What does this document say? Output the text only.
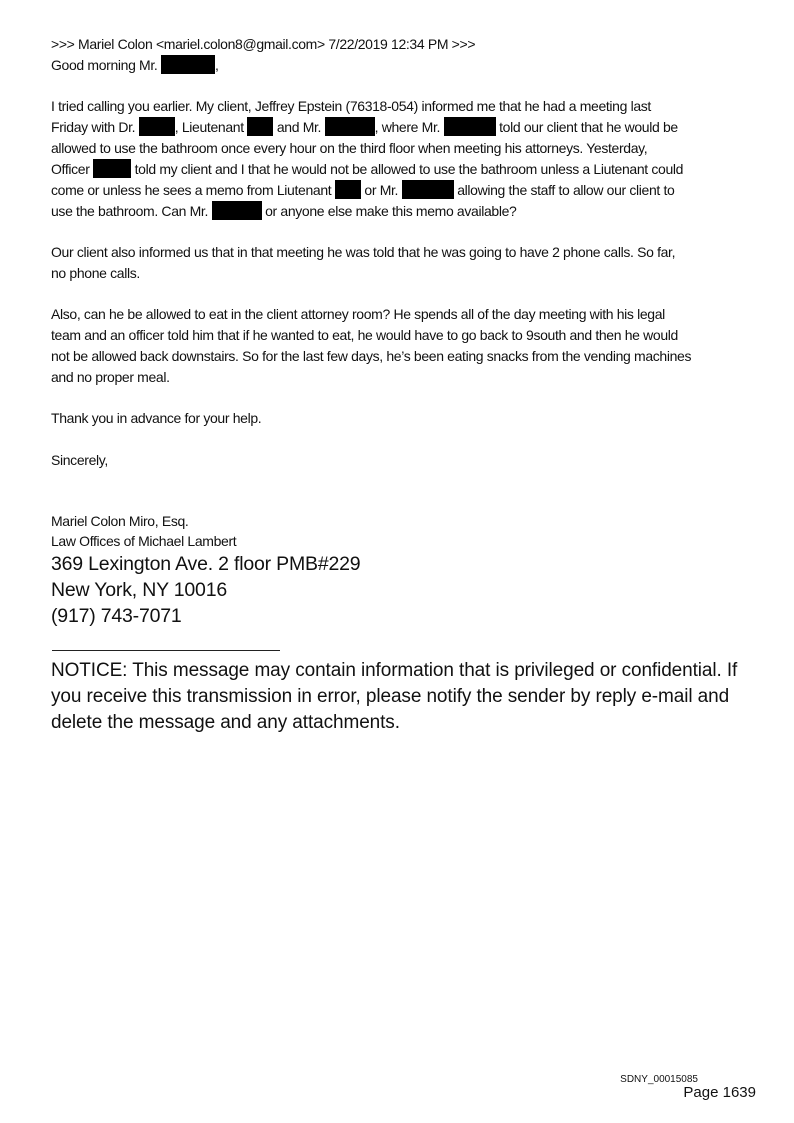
>>> Mariel Colon <mariel.colon8@gmail.com> 7/22/2019 12:34 PM >>>
Good morning Mr.	,
I tried calling you earlier. My client, Jeffrey Epstein (76318-054) informed me that he had a meeting last
Friday with Dr.	, Lieutenant and Mr.	, where Mr.	told our client that he would be
allowed to use the bathroom once every hour on the third floor when meeting his attorneys. Yesterday,
Officer	told my client and I that he would not be allowed to use the bathroom unless a Liutenant could
come or unless he sees a memo from Liutenant or Mr.	allowing the staff to allow our client to
use the bathroom. Can Mr.	or anyone else make this memo available?
Our client also informed us that in that meeting he was told that he was going to have 2 phone calls. So far,
no phone calls.
Also, can he be allowed to eat in the client attorney room? He spends all of the day meeting with his legal
team and an officer told him that if he wanted to eat, he would have to go back to 9south and then he would
not be allowed back downstairs. So for the last few days, he’s been eating snacks from the vending machines
and no proper meal.
Thank you in advance for your help.
Sincerely,
Mariel Colon Miro, Esq.
Law Offices of Michael Lambert
369 Lexington Ave. 2 floor PMB#229
New York, NY 10016
(917) 743-7071
NOTICE: This message may contain information that is privileged or confidential. If
you receive this transmission in error, please notify the sender by reply e-mail and
delete the message and any attachments.
SDNY_00015085
Page 1639
